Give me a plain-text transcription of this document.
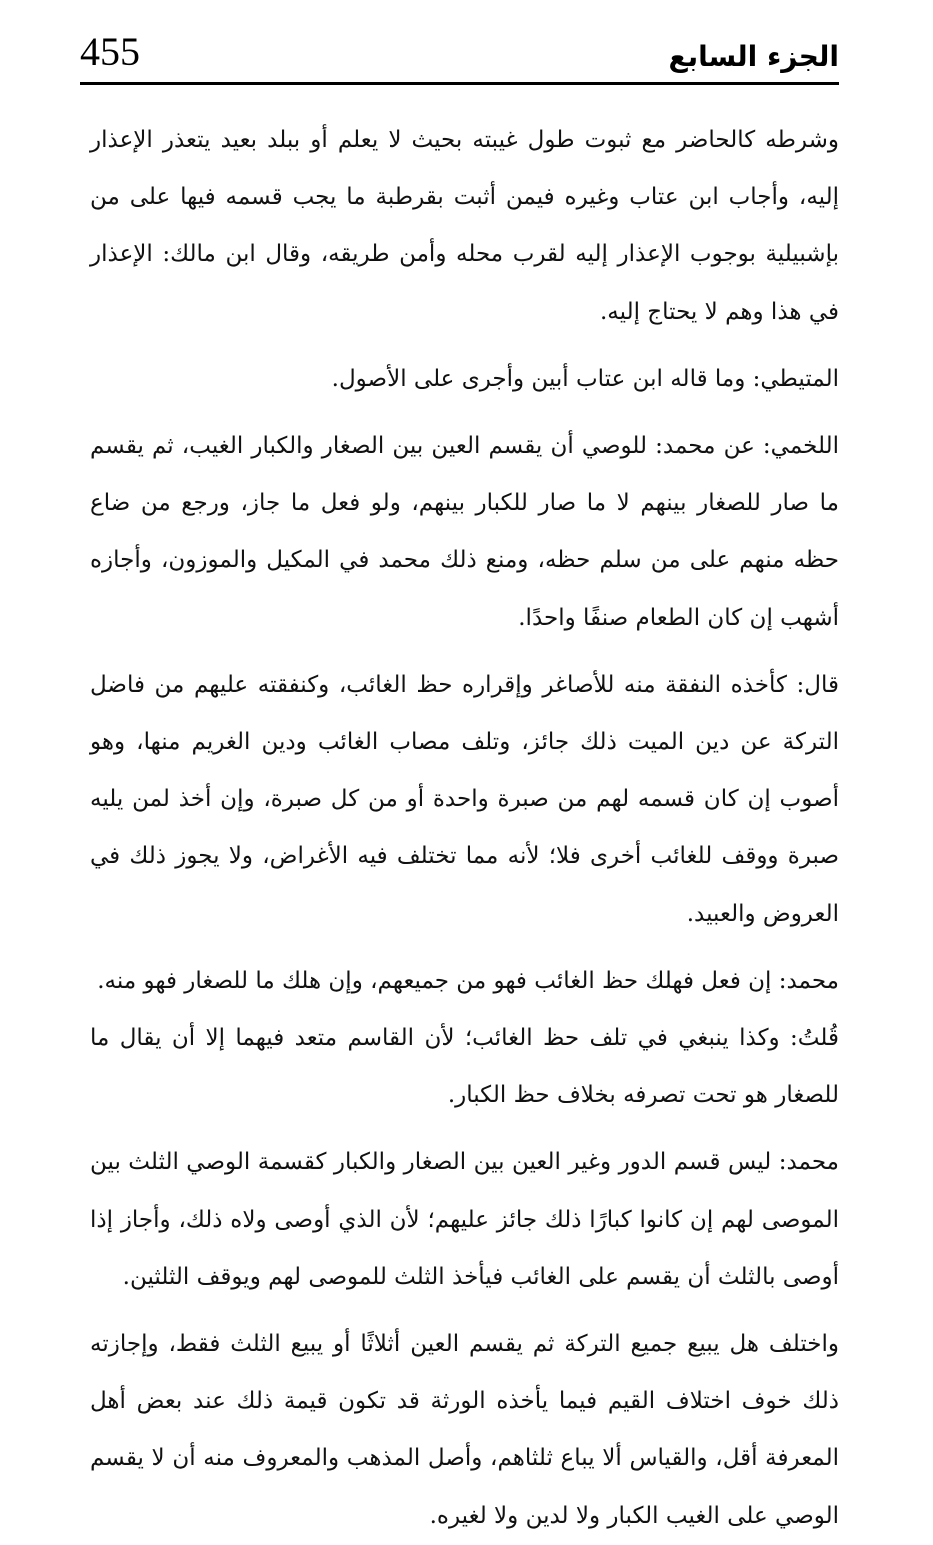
455	الجزء السابع

وشرطه كالحاضر مع ثبوت طول غيبته بحيث لا يعلم أو ببلد بعيد يتعذر الإعذار إليه، وأجاب ابن عتاب وغيره فيمن أثبت بقرطبة ما يجب قسمه فيها على من بإشبيلية بوجوب الإعذار إليه لقرب محله وأمن طريقه، وقال ابن مالك: الإعذار في هذا وهم لا يحتاج إليه.

المتيطي: وما قاله ابن عتاب أبين وأجرى على الأصول.

اللخمي: عن محمد: للوصي أن يقسم العين بين الصغار والكبار الغيب، ثم يقسم ما صار للصغار بينهم لا ما صار للكبار بينهم، ولو فعل ما جاز، ورجع من ضاع حظه منهم على من سلم حظه، ومنع ذلك محمد في المكيل والموزون، وأجازه أشهب إن كان الطعام صنفًا واحدًا.

قال: كأخذه النفقة منه للأصاغر وإقراره حظ الغائب، وكنفقته عليهم من فاضل التركة عن دين الميت ذلك جائز، وتلف مصاب الغائب ودين الغريم منها، وهو أصوب إن كان قسمه لهم من صبرة واحدة أو من كل صبرة، وإن أخذ لمن يليه صبرة ووقف للغائب أخرى فلا؛ لأنه مما تختلف فيه الأغراض، ولا يجوز ذلك في العروض والعبيد.

محمد: إن فعل فهلك حظ الغائب فهو من جميعهم، وإن هلك ما للصغار فهو منه.

قُلتُ: وكذا ينبغي في تلف حظ الغائب؛ لأن القاسم متعد فيهما إلا أن يقال ما للصغار هو تحت تصرفه بخلاف حظ الكبار.

محمد: ليس قسم الدور وغير العين بين الصغار والكبار كقسمة الوصي الثلث بين الموصى لهم إن كانوا كبارًا ذلك جائز عليهم؛ لأن الذي أوصى ولاه ذلك، وأجاز إذا أوصى بالثلث أن يقسم على الغائب فيأخذ الثلث للموصى لهم ويوقف الثلثين.

واختلف هل يبيع جميع التركة ثم يقسم العين أثلاثًا أو يبيع الثلث فقط، وإجازته ذلك خوف اختلاف القيم فيما يأخذه الورثة قد تكون قيمة ذلك عند بعض أهل المعرفة أقل، والقياس ألا يباع ثلثاهم، وأصل المذهب والمعروف منه أن لا يقسم الوصي على الغيب الكبار ولا لدين ولا لغيره.
